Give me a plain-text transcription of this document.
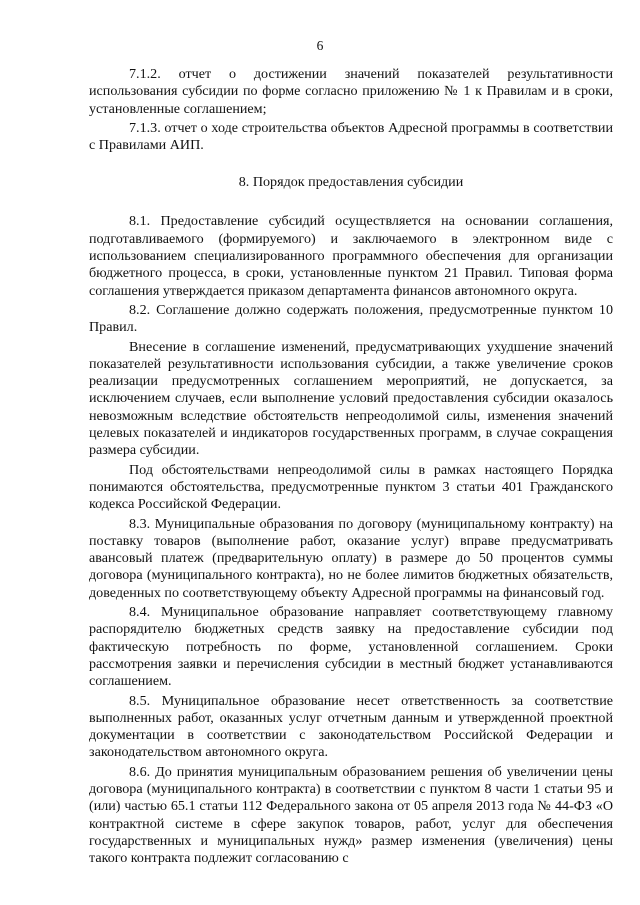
6

7.1.2. отчет о достижении значений показателей результативности использования субсидии по форме согласно приложению № 1 к Правилам и в сроки, установленные соглашением;

7.1.3. отчет о ходе строительства объектов Адресной программы в соответствии с Правилами АИП.

8. Порядок предоставления субсидии

8.1. Предоставление субсидий осуществляется на основании соглашения, подготавливаемого (формируемого) и заключаемого в электронном виде с использованием специализированного программного обеспечения для организации бюджетного процесса, в сроки, установленные пунктом 21 Правил. Типовая форма соглашения утверждается приказом департамента финансов автономного округа.

8.2. Соглашение должно содержать положения, предусмотренные пунктом 10 Правил.

Внесение в соглашение изменений, предусматривающих ухудшение значений показателей результативности использования субсидии, а также увеличение сроков реализации предусмотренных соглашением мероприятий, не допускается, за исключением случаев, если выполнение условий предоставления субсидии оказалось невозможным вследствие обстоятельств непреодолимой силы, изменения значений целевых показателей и индикаторов государственных программ, в случае сокращения размера субсидии.

Под обстоятельствами непреодолимой силы в рамках настоящего Порядка понимаются обстоятельства, предусмотренные пунктом 3 статьи 401 Гражданского кодекса Российской Федерации.

8.3. Муниципальные образования по договору (муниципальному контракту) на поставку товаров (выполнение работ, оказание услуг) вправе предусматривать авансовый платеж (предварительную оплату) в размере до 50 процентов суммы договора (муниципального контракта), но не более лимитов бюджетных обязательств, доведенных по соответствующему объекту Адресной программы на финансовый год.

8.4. Муниципальное образование направляет соответствующему главному распорядителю бюджетных средств заявку на предоставление субсидии под фактическую потребность по форме, установленной соглашением. Сроки рассмотрения заявки и перечисления субсидии в местный бюджет устанавливаются соглашением.

8.5. Муниципальное образование несет ответственность за соответствие выполненных работ, оказанных услуг отчетным данным и утвержденной проектной документации в соответствии с законодательством Российской Федерации и законодательством автономного округа.

8.6. До принятия муниципальным образованием решения об увеличении цены договора (муниципального контракта) в соответствии с пунктом 8 части 1 статьи 95 и (или) частью 65.1 статьи 112 Федерального закона от 05 апреля 2013 года № 44-ФЗ «О контрактной системе в сфере закупок товаров, работ, услуг для обеспечения государственных и муниципальных нужд» размер изменения (увеличения) цены такого контракта подлежит согласованию с
